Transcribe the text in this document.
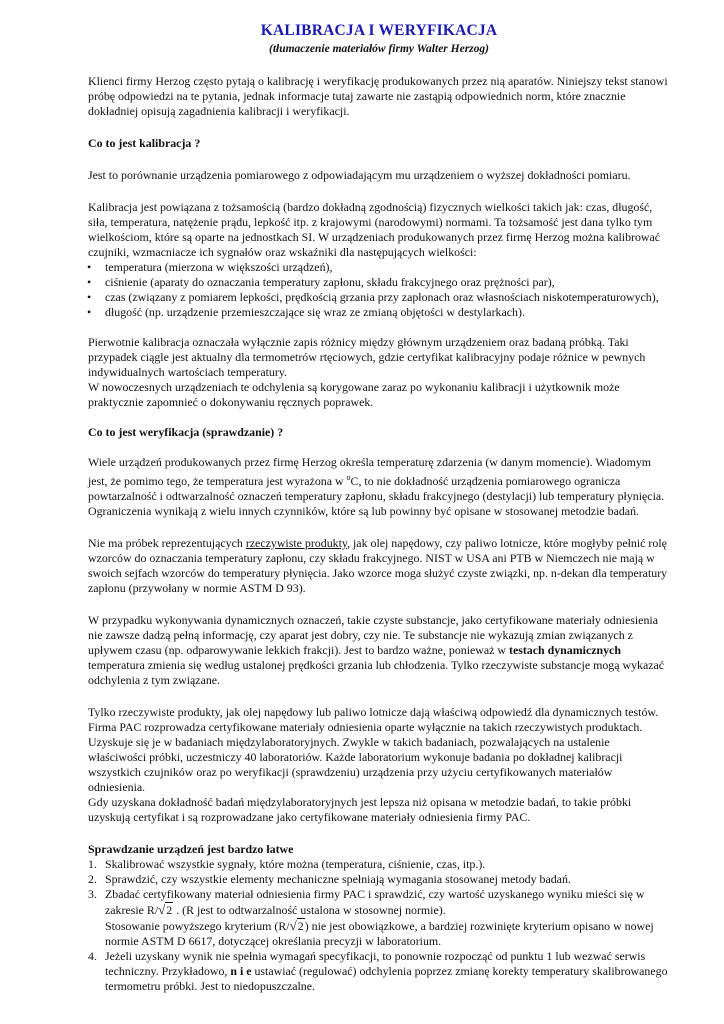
KALIBRACJA I WERYFIKACJA
(tłumaczenie materiałów firmy Walter Herzog)

Klienci firmy Herzog często pytają o kalibrację i weryfikację produkowanych przez nią aparatów. Niniejszy tekst stanowi próbę odpowiedzi na te pytania, jednak informacje tutaj zawarte nie zastąpią odpowiednich norm, które znacznie dokładniej opisują zagadnienia kalibracji i weryfikacji.

Co to jest kalibracja ?

Jest to porównanie urządzenia pomiarowego z odpowiadającym mu urządzeniem o wyższej dokładności pomiaru.

Kalibracja jest powiązana z tożsamością (bardzo dokładną zgodnością) fizycznych wielkości takich jak: czas, długość, siła, temperatura, natężenie prądu, lepkość itp. z krajowymi (narodowymi) normami. Ta tożsamość jest dana tylko tym wielkościom, które są oparte na jednostkach SI. W urządzeniach produkowanych przez firmę Herzog można kalibrować czujniki, wzmacniacze ich sygnałów oraz wskaźniki dla następujących wielkości:

• temperatura (mierzona w większości urządzeń),
• ciśnienie (aparaty do oznaczania temperatury zapłonu, składu frakcyjnego oraz prężności par),
• czas (związany z pomiarem lepkości, prędkością grzania przy zapłonach oraz własnościach niskotemperaturowych),
• długość (np. urządzenie przemieszczające się wraz ze zmianą objętości w destylarkach).

Pierwotnie kalibracja oznaczała wyłącznie zapis różnicy między głównym urządzeniem oraz badaną próbką. Taki przypadek ciągle jest aktualny dla termometrów rtęciowych, gdzie certyfikat kalibracyjny podaje różnice w pewnych indywidualnych wartościach temperatury.

W nowoczesnych urządzeniach te odchylenia są korygowane zaraz po wykonaniu kalibracji i użytkownik może praktycznie zapomnieć o dokonywaniu ręcznych poprawek.

Co to jest weryfikacja (sprawdzanie) ?

Wiele urządzeń produkowanych przez firmę Herzog określa temperaturę zdarzenia (w danym momencie). Wiadomym jest, że pomimo tego, że temperatura jest wyrażona w $^o$C, to nie dokładność urządzenia pomiarowego ogranicza powtarzalność i odtwarzalność oznaczeń temperatury zapłonu, składu frakcyjnego (destylacji) lub temperatury płynięcia. Ograniczenia wynikają z wielu innych czynników, które są lub powinny być opisane w stosowanej metodzie badań.

Nie ma próbek reprezentujących rzeczywiste produkty, jak olej napędowy, czy paliwo lotnicze, które mogłyby pełnić rolę wzorców do oznaczania temperatury zapłonu, czy składu frakcyjnego. NIST w USA ani PTB w Niemczech nie mają w swoich sejfach wzorców do temperatury płynięcia. Jako wzorce moga służyć czyste związki, np. n-dekan dla temperatury zapłonu (przywołany w normie ASTM D 93).

W przypadku wykonywania dynamicznych oznaczeń, takie czyste substancje, jako certyfikowane materiały odniesienia nie zawsze dadzą pełną informację, czy aparat jest dobry, czy nie. Te substancje nie wykazują zmian związanych z upływem czasu (np. odparowywanie lekkich frakcji). Jest to bardzo ważne, ponieważ w testach dynamicznych temperatura zmienia się według ustalonej prędkości grzania lub chłodzenia. Tylko rzeczywiste substancje mogą wykazać odchylenia z tym związane.

Tylko rzeczywiste produkty, jak olej napędowy lub paliwo lotnicze dają właściwą odpowiedź dla dynamicznych testów. Firma PAC rozprowadza certyfikowane materiały odniesienia oparte wyłącznie na takich rzeczywistych produktach. Uzyskuje się je w badaniach międzylaboratoryjnych. Zwykle w takich badaniach, pozwalających na ustalenie właściwości próbki, uczestniczy 40 laboratoriów. Każde laboratorium wykonuje badania po dokładnej kalibracji wszystkich czujników oraz po weryfikacji (sprawdzeniu) urządzenia przy użyciu certyfikowanych materiałów odniesienia.

Gdy uzyskana dokładność badań międzylaboratoryjnych jest lepsza niż opisana w metodzie badań, to takie próbki uzyskują certyfikat i są rozprowadzane jako certyfikowane materiały odniesienia firmy PAC.

Sprawdzanie urządzeń jest bardzo łatwe
1. Skalibrować wszystkie sygnały, które można (temperatura, ciśnienie, czas, itp.).
2. Sprawdzić, czy wszystkie elementy mechaniczne spełniają wymagania stosowanej metody badań.
3. Zbadać certyfikowany materiał odniesienia firmy PAC i sprawdzić, czy wartość uzyskanego wyniku mieści się w zakresie R/√2 . (R jest to odtwarzalność ustalona w stosownej normie).
Stosowanie powyższego kryterium (R/√2) nie jest obowiązkowe, a bardziej rozwinięte kryterium opisano w nowej normie ASTM D 6617, dotyczącej określania precyzji w laboratorium.
4. Jeżeli uzyskany wynik nie spełnia wymagań specyfikacji, to ponownie rozpocząć od punktu 1 lub wezwać serwis techniczny. Przykładowo, n i e ustawiać (regulować) odchylenia poprzez zmianę korekty temperatury skalibrowanego termometru próbki. Jest to niedopuszczalne.
